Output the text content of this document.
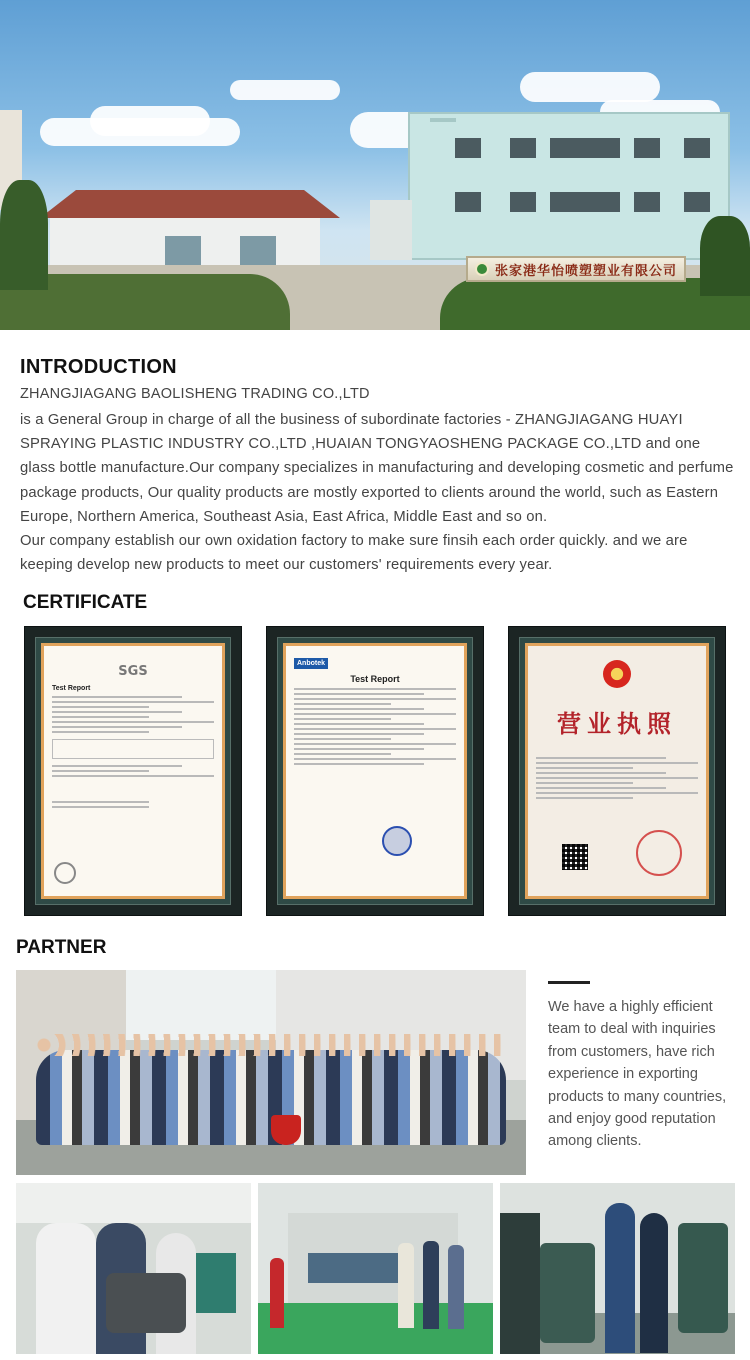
张家港华怡喷塑塑业有限公司
INTRODUCTION
ZHANGJIAGANG BAOLISHENG TRADING CO.,LTD

is a General Group in charge of all the business of subordinate factories - ZHANGJIAGANG HUAYI SPRAYING PLASTIC INDUSTRY CO.,LTD ,HUAIAN TONGYAOSHENG PACKAGE CO.,LTD and one glass bottle manufacture.Our company specializes in manufacturing and developing cosmetic and perfume package products, Our quality products are mostly exported to clients around the world, such as Eastern Europe, Northern America, Southeast Asia, East Africa, Middle East and so on.

Our company establish our own oxidation factory to make sure finsih each order quickly. and we are keeping develop new products to meet our customers' requirements every year.

CERTIFICATE
SGS
Test Report
Anbotek
Test Report
营业执照
PARTNER
We have a highly efficient team to deal with inquiries from customers, have rich experience in exporting products to many countries, and enjoy good reputation among clients.
